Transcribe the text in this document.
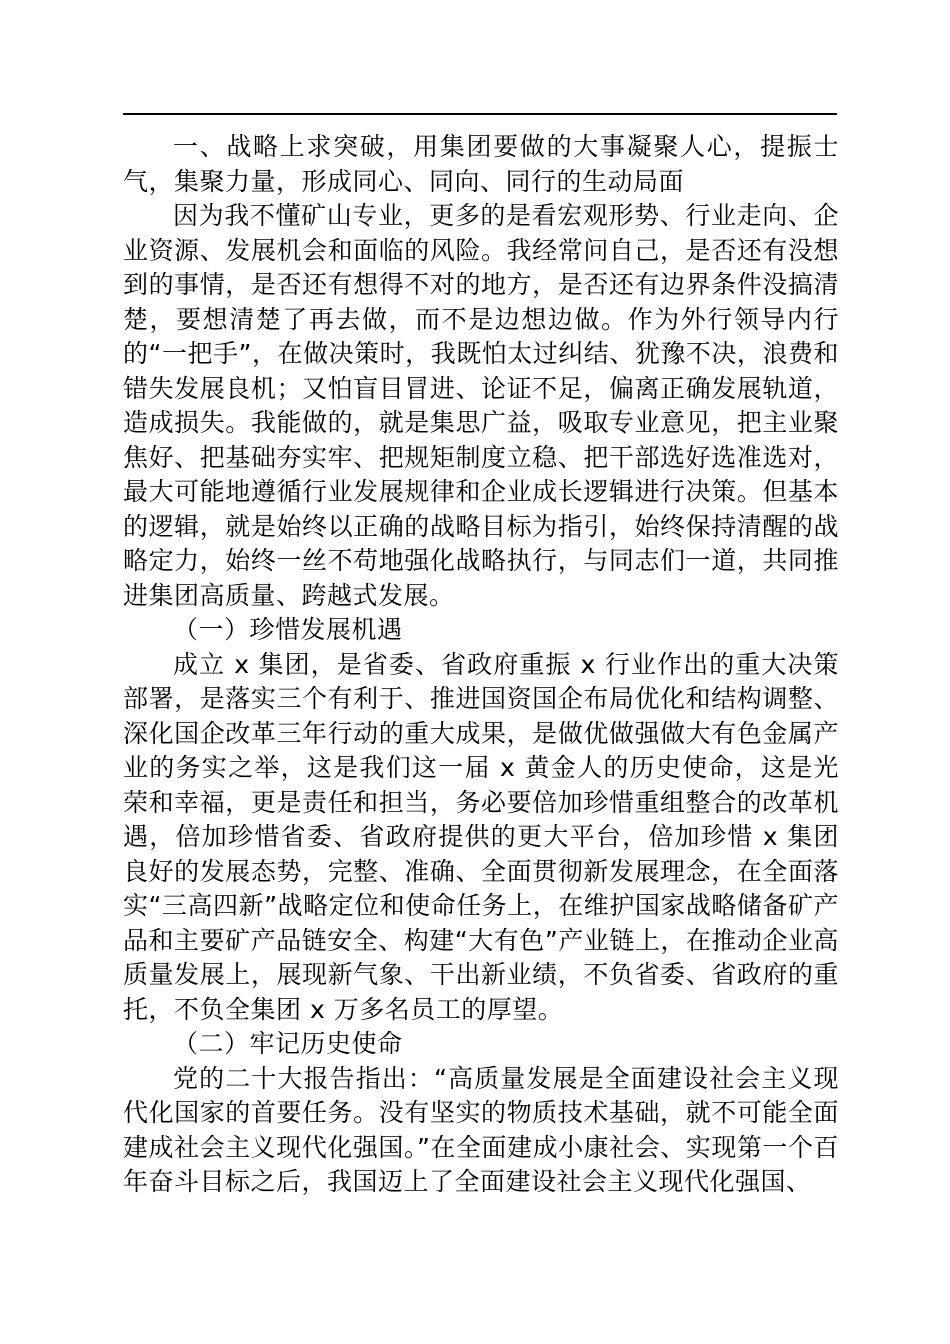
一、战略上求突破，用集团要做的大事凝聚人心，提振士气，集聚力量，形成同心、同向、同行的生动局面

因为我不懂矿山专业，更多的是看宏观形势、行业走向、企业资源、发展机会和面临的风险。我经常问自己，是否还有没想到的事情，是否还有想得不对的地方，是否还有边界条件没搞清楚，要想清楚了再去做，而不是边想边做。作为外行领导内行的“一把手”，在做决策时，我既怕太过纠结、犹豫不决，浪费和错失发展良机；又怕盲目冒进、论证不足，偏离正确发展轨道，造成损失。我能做的，就是集思广益，吸取专业意见，把主业聚焦好、把基础夯实牢、把规矩制度立稳、把干部选好选准选对，最大可能地遵循行业发展规律和企业成长逻辑进行决策。但基本的逻辑，就是始终以正确的战略目标为指引，始终保持清醒的战略定力，始终一丝不苟地强化战略执行，与同志们一道，共同推进集团高质量、跨越式发展。

（一）珍惜发展机遇

成立 x 集团，是省委、省政府重振 x 行业作出的重大决策部署，是落实三个有利于、推进国资国企布局优化和结构调整、深化国企改革三年行动的重大成果，是做优做强做大有色金属产业的务实之举，这是我们这一届 x 黄金人的历史使命，这是光荣和幸福，更是责任和担当，务必要倍加珍惜重组整合的改革机遇，倍加珍惜省委、省政府提供的更大平台，倍加珍惜 x 集团良好的发展态势，完整、准确、全面贯彻新发展理念，在全面落实“三高四新”战略定位和使命任务上，在维护国家战略储备矿产品和主要矿产品链安全、构建“大有色”产业链上，在推动企业高质量发展上，展现新气象、干出新业绩，不负省委、省政府的重托，不负全集团 x 万多名员工的厚望。

（二）牢记历史使命

党的二十大报告指出：“高质量发展是全面建设社会主义现代化国家的首要任务。没有坚实的物质技术基础，就不可能全面建成社会主义现代化强国。”在全面建成小康社会、实现第一个百年奋斗目标之后，我国迈上了全面建设社会主义现代化强国、
